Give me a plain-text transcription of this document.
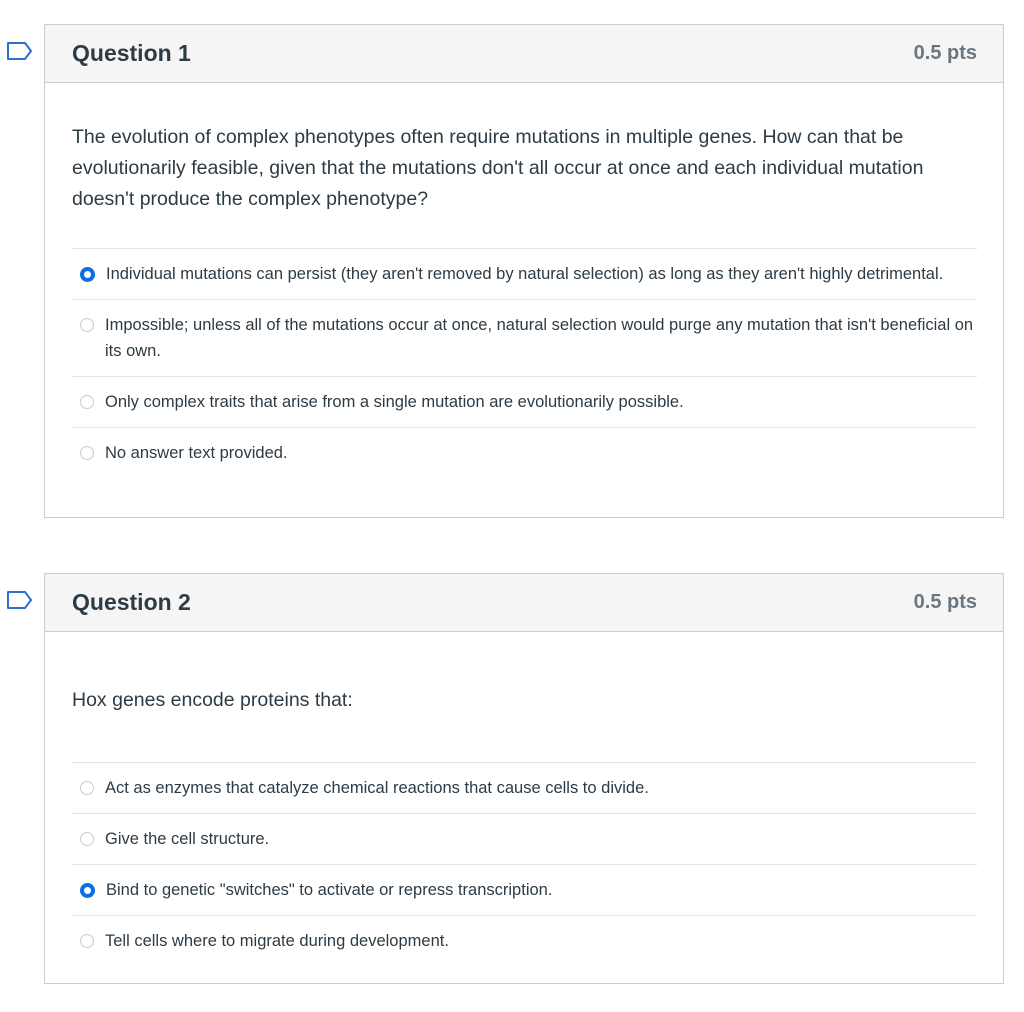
Question 1	0.5 pts

The evolution of complex phenotypes often require mutations in multiple genes. How can that be evolutionarily feasible, given that the mutations don't all occur at once and each individual mutation doesn't produce the complex phenotype?

Individual mutations can persist (they aren't removed by natural selection) as long as they aren't highly detrimental.
Impossible; unless all of the mutations occur at once, natural selection would purge any mutation that isn't beneficial on its own.
Only complex traits that arise from a single mutation are evolutionarily possible.
No answer text provided.
Question 2	0.5 pts

Hox genes encode proteins that:

Act as enzymes that catalyze chemical reactions that cause cells to divide.
Give the cell structure.
Bind to genetic "switches" to activate or repress transcription.
Tell cells where to migrate during development.
